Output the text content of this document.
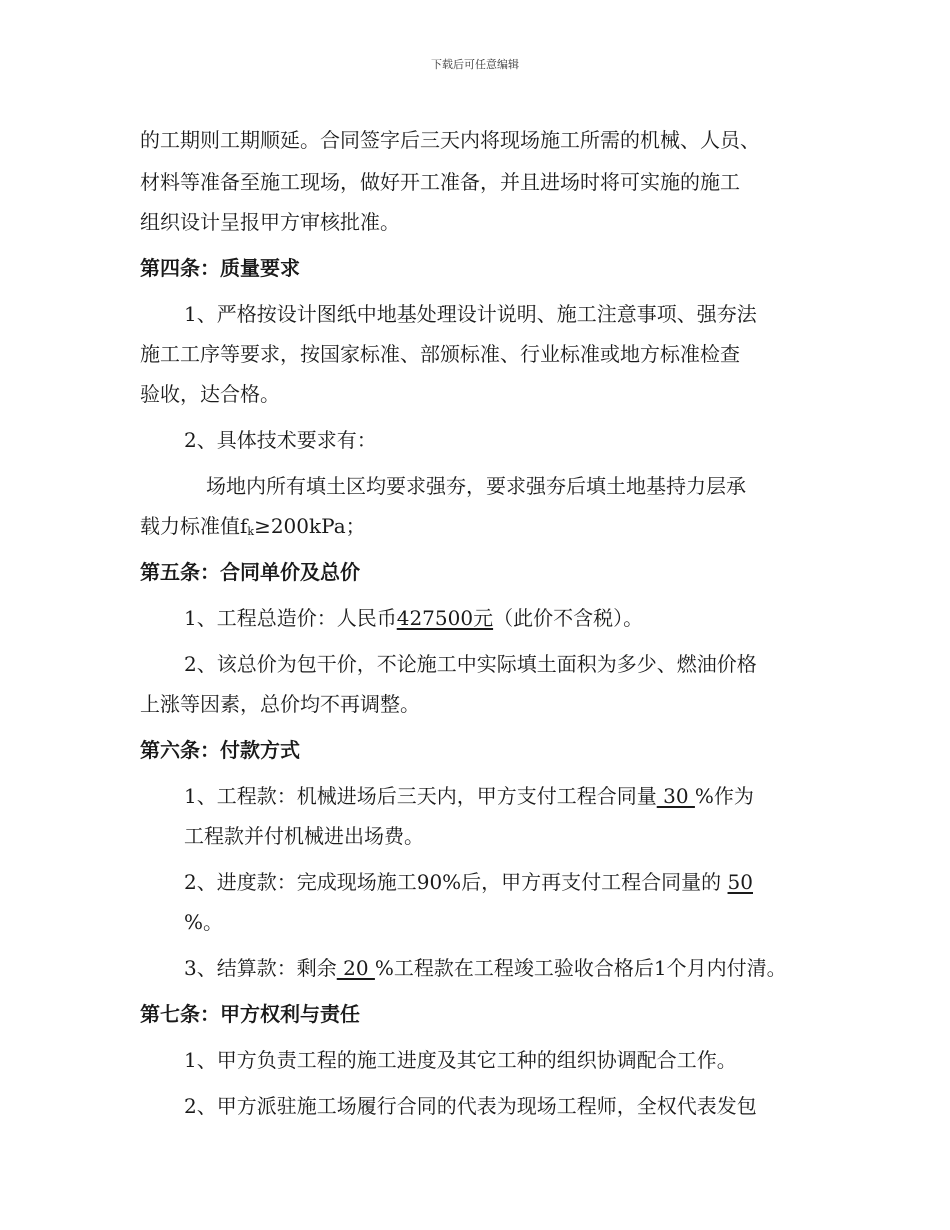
下载后可任意编辑
的工期则工期顺延。合同签字后三天内将现场施工所需的机械、人员、
材料等准备至施工现场，做好开工准备，并且进场时将可实施的施工
组织设计呈报甲方审核批准。
第四条：质量要求
1、严格按设计图纸中地基处理设计说明、施工注意事项、强夯法
施工工序等要求，按国家标准、部颁标准、行业标准或地方标准检查
验收，达合格。
2、具体技术要求有：
场地内所有填土区均要求强夯，要求强夯后填土地基持力层承
载力标准值$f_k\ge 200kPa$；
第五条：合同单价及总价
1、工程总造价：人民币427500元（此价不含税）。
2、该总价为包干价，不论施工中实际填土面积为多少、燃油价格
上涨等因素，总价均不再调整。
第六条：付款方式
1、工程款：机械进场后三天内，甲方支付工程合同量 30 %作为
工程款并付机械进出场费。
2、进度款：完成现场施工90%后，甲方再支付工程合同量的 50
%。
3、结算款：剩余 20 %工程款在工程竣工验收合格后1个月内付清。
第七条：甲方权利与责任
1、甲方负责工程的施工进度及其它工种的组织协调配合工作。
2、甲方派驻施工场履行合同的代表为现场工程师，全权代表发包
